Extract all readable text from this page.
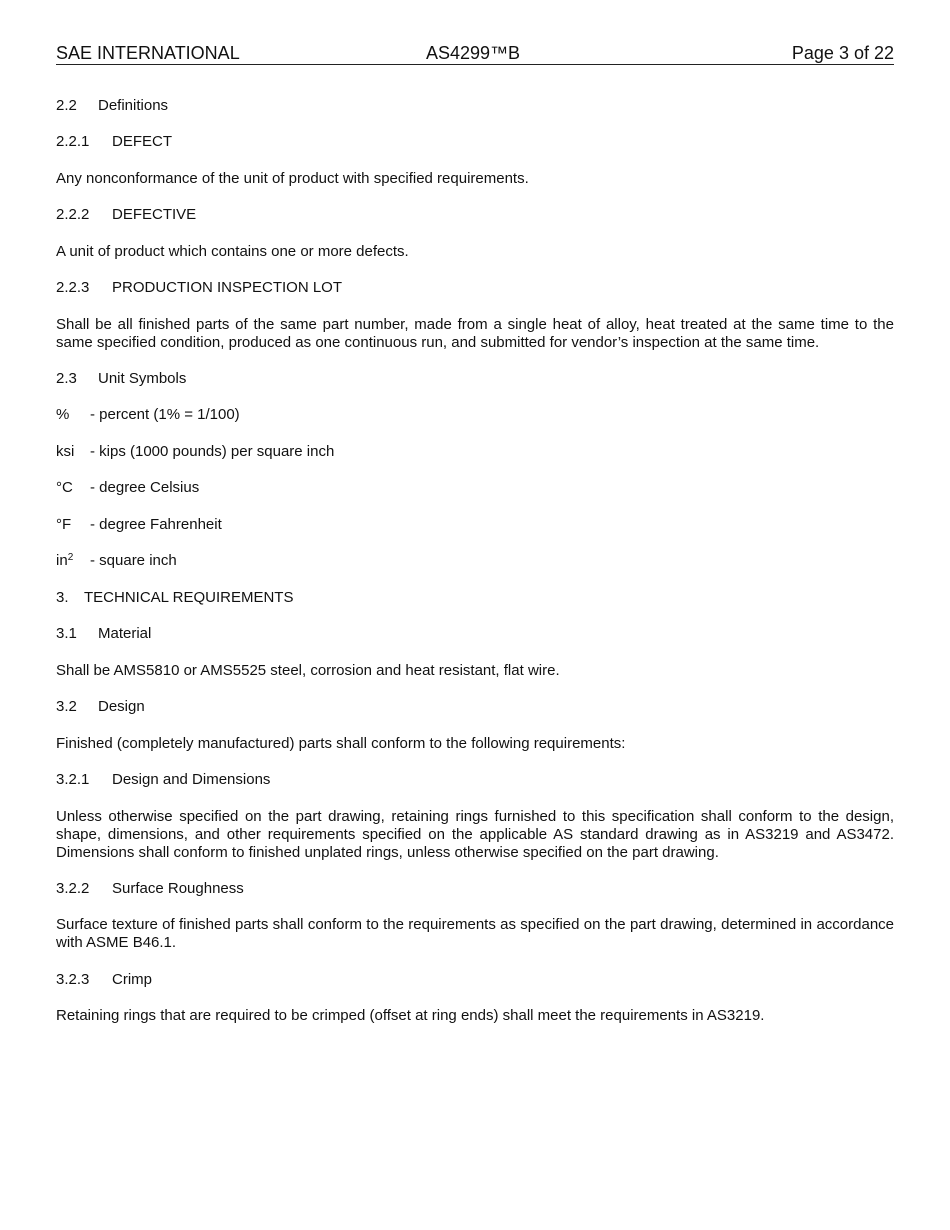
SAE INTERNATIONAL	AS4299™B	Page 3 of 22
2.2 Definitions
2.2.1 DEFECT
Any nonconformance of the unit of product with specified requirements.
2.2.2 DEFECTIVE
A unit of product which contains one or more defects.
2.2.3 PRODUCTION INSPECTION LOT
Shall be all finished parts of the same part number, made from a single heat of alloy, heat treated at the same time to the same specified condition, produced as one continuous run, and submitted for vendor’s inspection at the same time.
2.3 Unit Symbols
% - percent (1% = 1/100)
ksi - kips (1000 pounds) per square inch
°C - degree Celsius
°F - degree Fahrenheit
$in^2$ - square inch
3. TECHNICAL REQUIREMENTS
3.1 Material
Shall be AMS5810 or AMS5525 steel, corrosion and heat resistant, flat wire.
3.2 Design
Finished (completely manufactured) parts shall conform to the following requirements:
3.2.1 Design and Dimensions
Unless otherwise specified on the part drawing, retaining rings furnished to this specification shall conform to the design, shape, dimensions, and other requirements specified on the applicable AS standard drawing as in AS3219 and AS3472. Dimensions shall conform to finished unplated rings, unless otherwise specified on the part drawing.
3.2.2 Surface Roughness
Surface texture of finished parts shall conform to the requirements as specified on the part drawing, determined in accordance with ASME B46.1.
3.2.3 Crimp
Retaining rings that are required to be crimped (offset at ring ends) shall meet the requirements in AS3219.
